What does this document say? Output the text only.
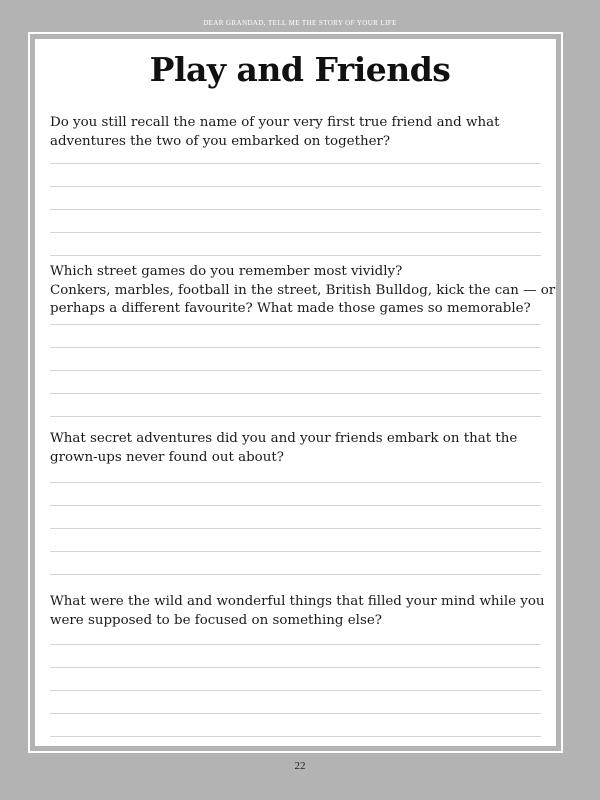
DEAR GRANDAD, TELL ME THE STORY OF YOUR LIFE
Play and Friends
Do you still recall the name of your very first true friend and what
adventures the two of you embarked on together?
Which street games do you remember most vividly?
Conkers, marbles, football in the street, British Bulldog, kick the can — or
perhaps a different favourite? What made those games so memorable?
What secret adventures did you and your friends embark on that the
grown-ups never found out about?
What were the wild and wonderful things that filled your mind while you
were supposed to be focused on something else?
22
